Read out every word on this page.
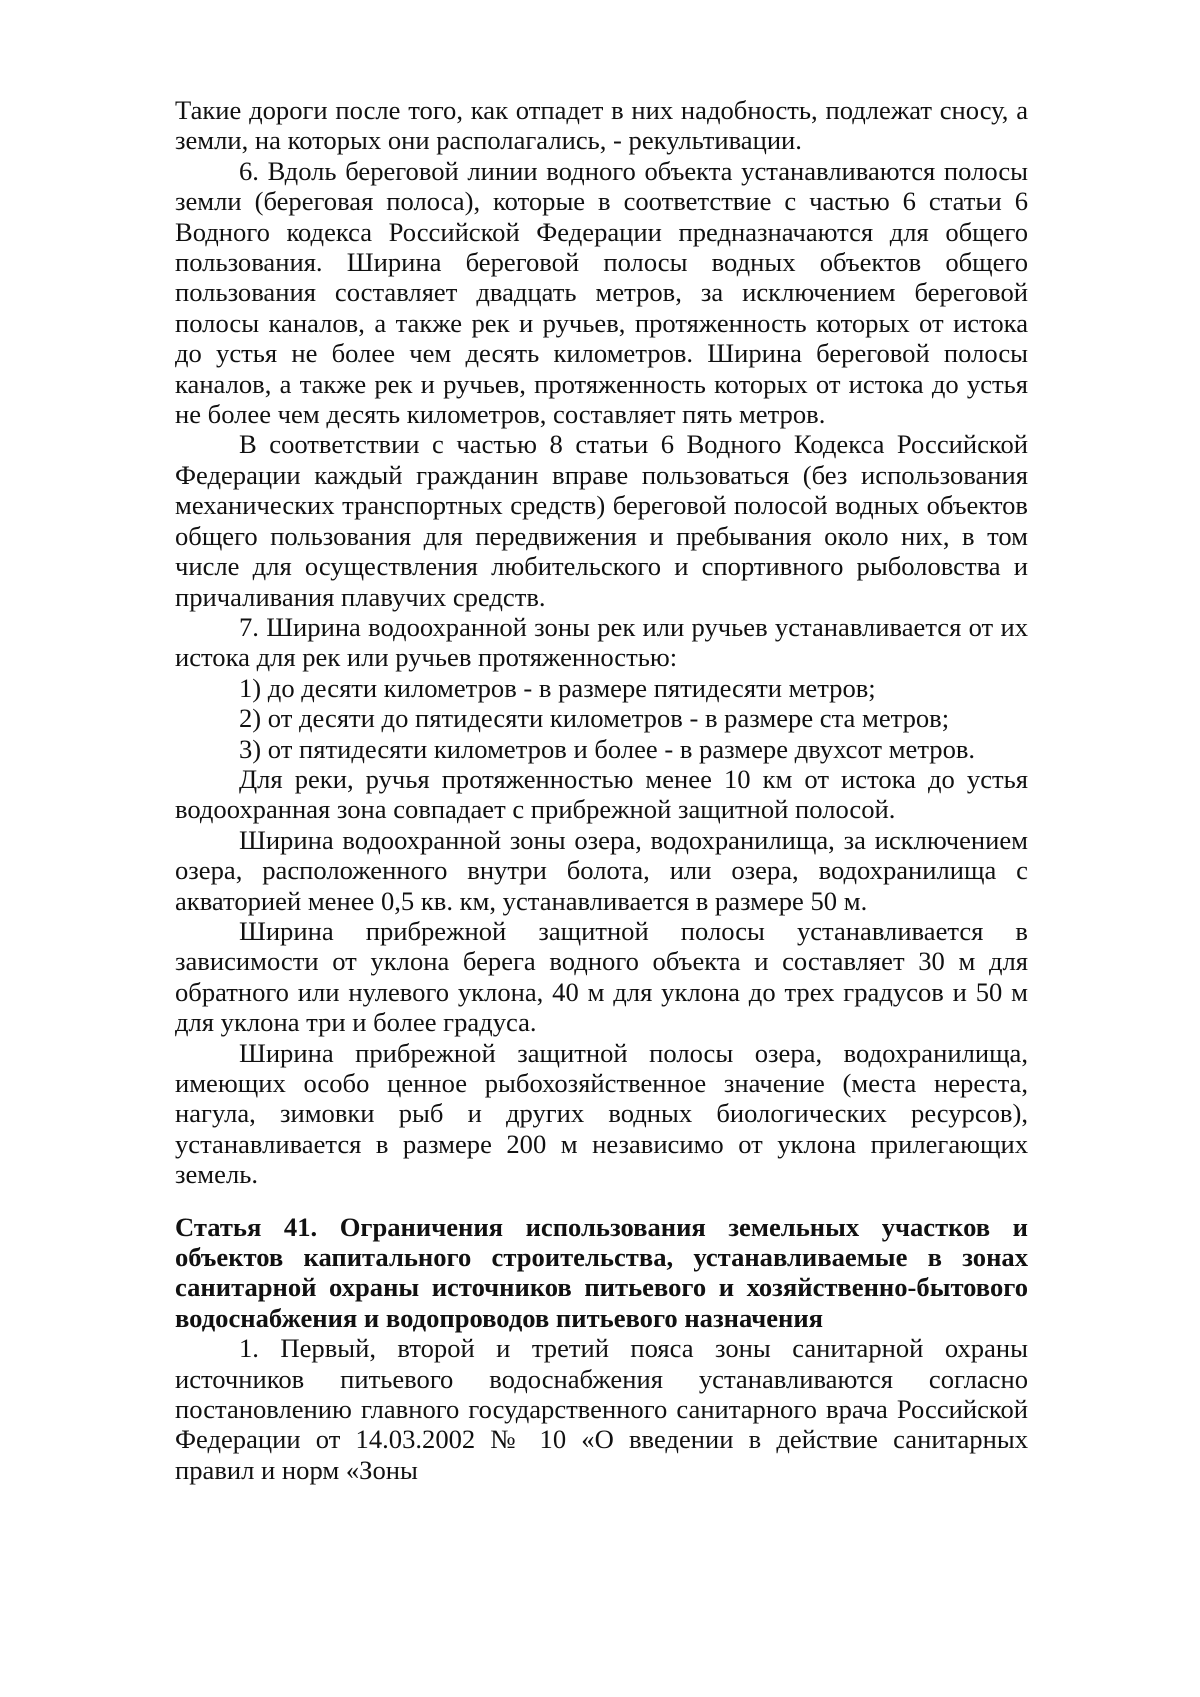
Такие дороги после того, как отпадет в них надобность, подлежат сносу, а земли, на которых они располагались, - рекультивации.

6. Вдоль береговой линии водного объекта устанавливаются полосы земли (береговая полоса), которые в соответствие с частью 6 статьи 6 Водного кодекса Российской Федерации предназначаются для общего пользования. Ширина береговой полосы водных объектов общего пользования составляет двадцать метров, за исключением береговой полосы каналов, а также рек и ручьев, протяженность которых от истока до устья не более чем десять километров. Ширина береговой полосы каналов, а также рек и ручьев, протяженность которых от истока до устья не более чем десять километров, составляет пять метров.

В соответствии с частью 8 статьи 6 Водного Кодекса Российской Федерации каждый гражданин вправе пользоваться (без использования механических транспортных средств) береговой полосой водных объектов общего пользования для передвижения и пребывания около них, в том числе для осуществления любительского и спортивного рыболовства и причаливания плавучих средств.

7. Ширина водоохранной зоны рек или ручьев устанавливается от их истока для рек или ручьев протяженностью:

1) до десяти километров - в размере пятидесяти метров;

2) от десяти до пятидесяти километров - в размере ста метров;

3) от пятидесяти километров и более - в размере двухсот метров.

Для реки, ручья протяженностью менее 10 км от истока до устья водоохранная зона совпадает с прибрежной защитной полосой.

Ширина водоохранной зоны озера, водохранилища, за исключением озера, расположенного внутри болота, или озера, водохранилища с акваторией менее 0,5 кв. км, устанавливается в размере 50 м.

Ширина прибрежной защитной полосы устанавливается в зависимости от уклона берега водного объекта и составляет 30 м для обратного или нулевого уклона, 40 м для уклона до трех градусов и 50 м для уклона три и более градуса.

Ширина прибрежной защитной полосы озера, водохранилища, имеющих особо ценное рыбохозяйственное значение (места нереста, нагула, зимовки рыб и других водных биологических ресурсов), устанавливается в размере 200 м независимо от уклона прилегающих земель.

Статья 41. Ограничения использования земельных участков и объектов капитального строительства, устанавливаемые в зонах санитарной охраны источников питьевого и хозяйственно-бытового водоснабжения и водопроводов питьевого назначения

1. Первый, второй и третий пояса зоны санитарной охраны источников питьевого водоснабжения устанавливаются согласно постановлению главного государственного санитарного врача Российской Федерации от 14.03.2002 № 10 «О введении в действие санитарных правил и норм «Зоны
